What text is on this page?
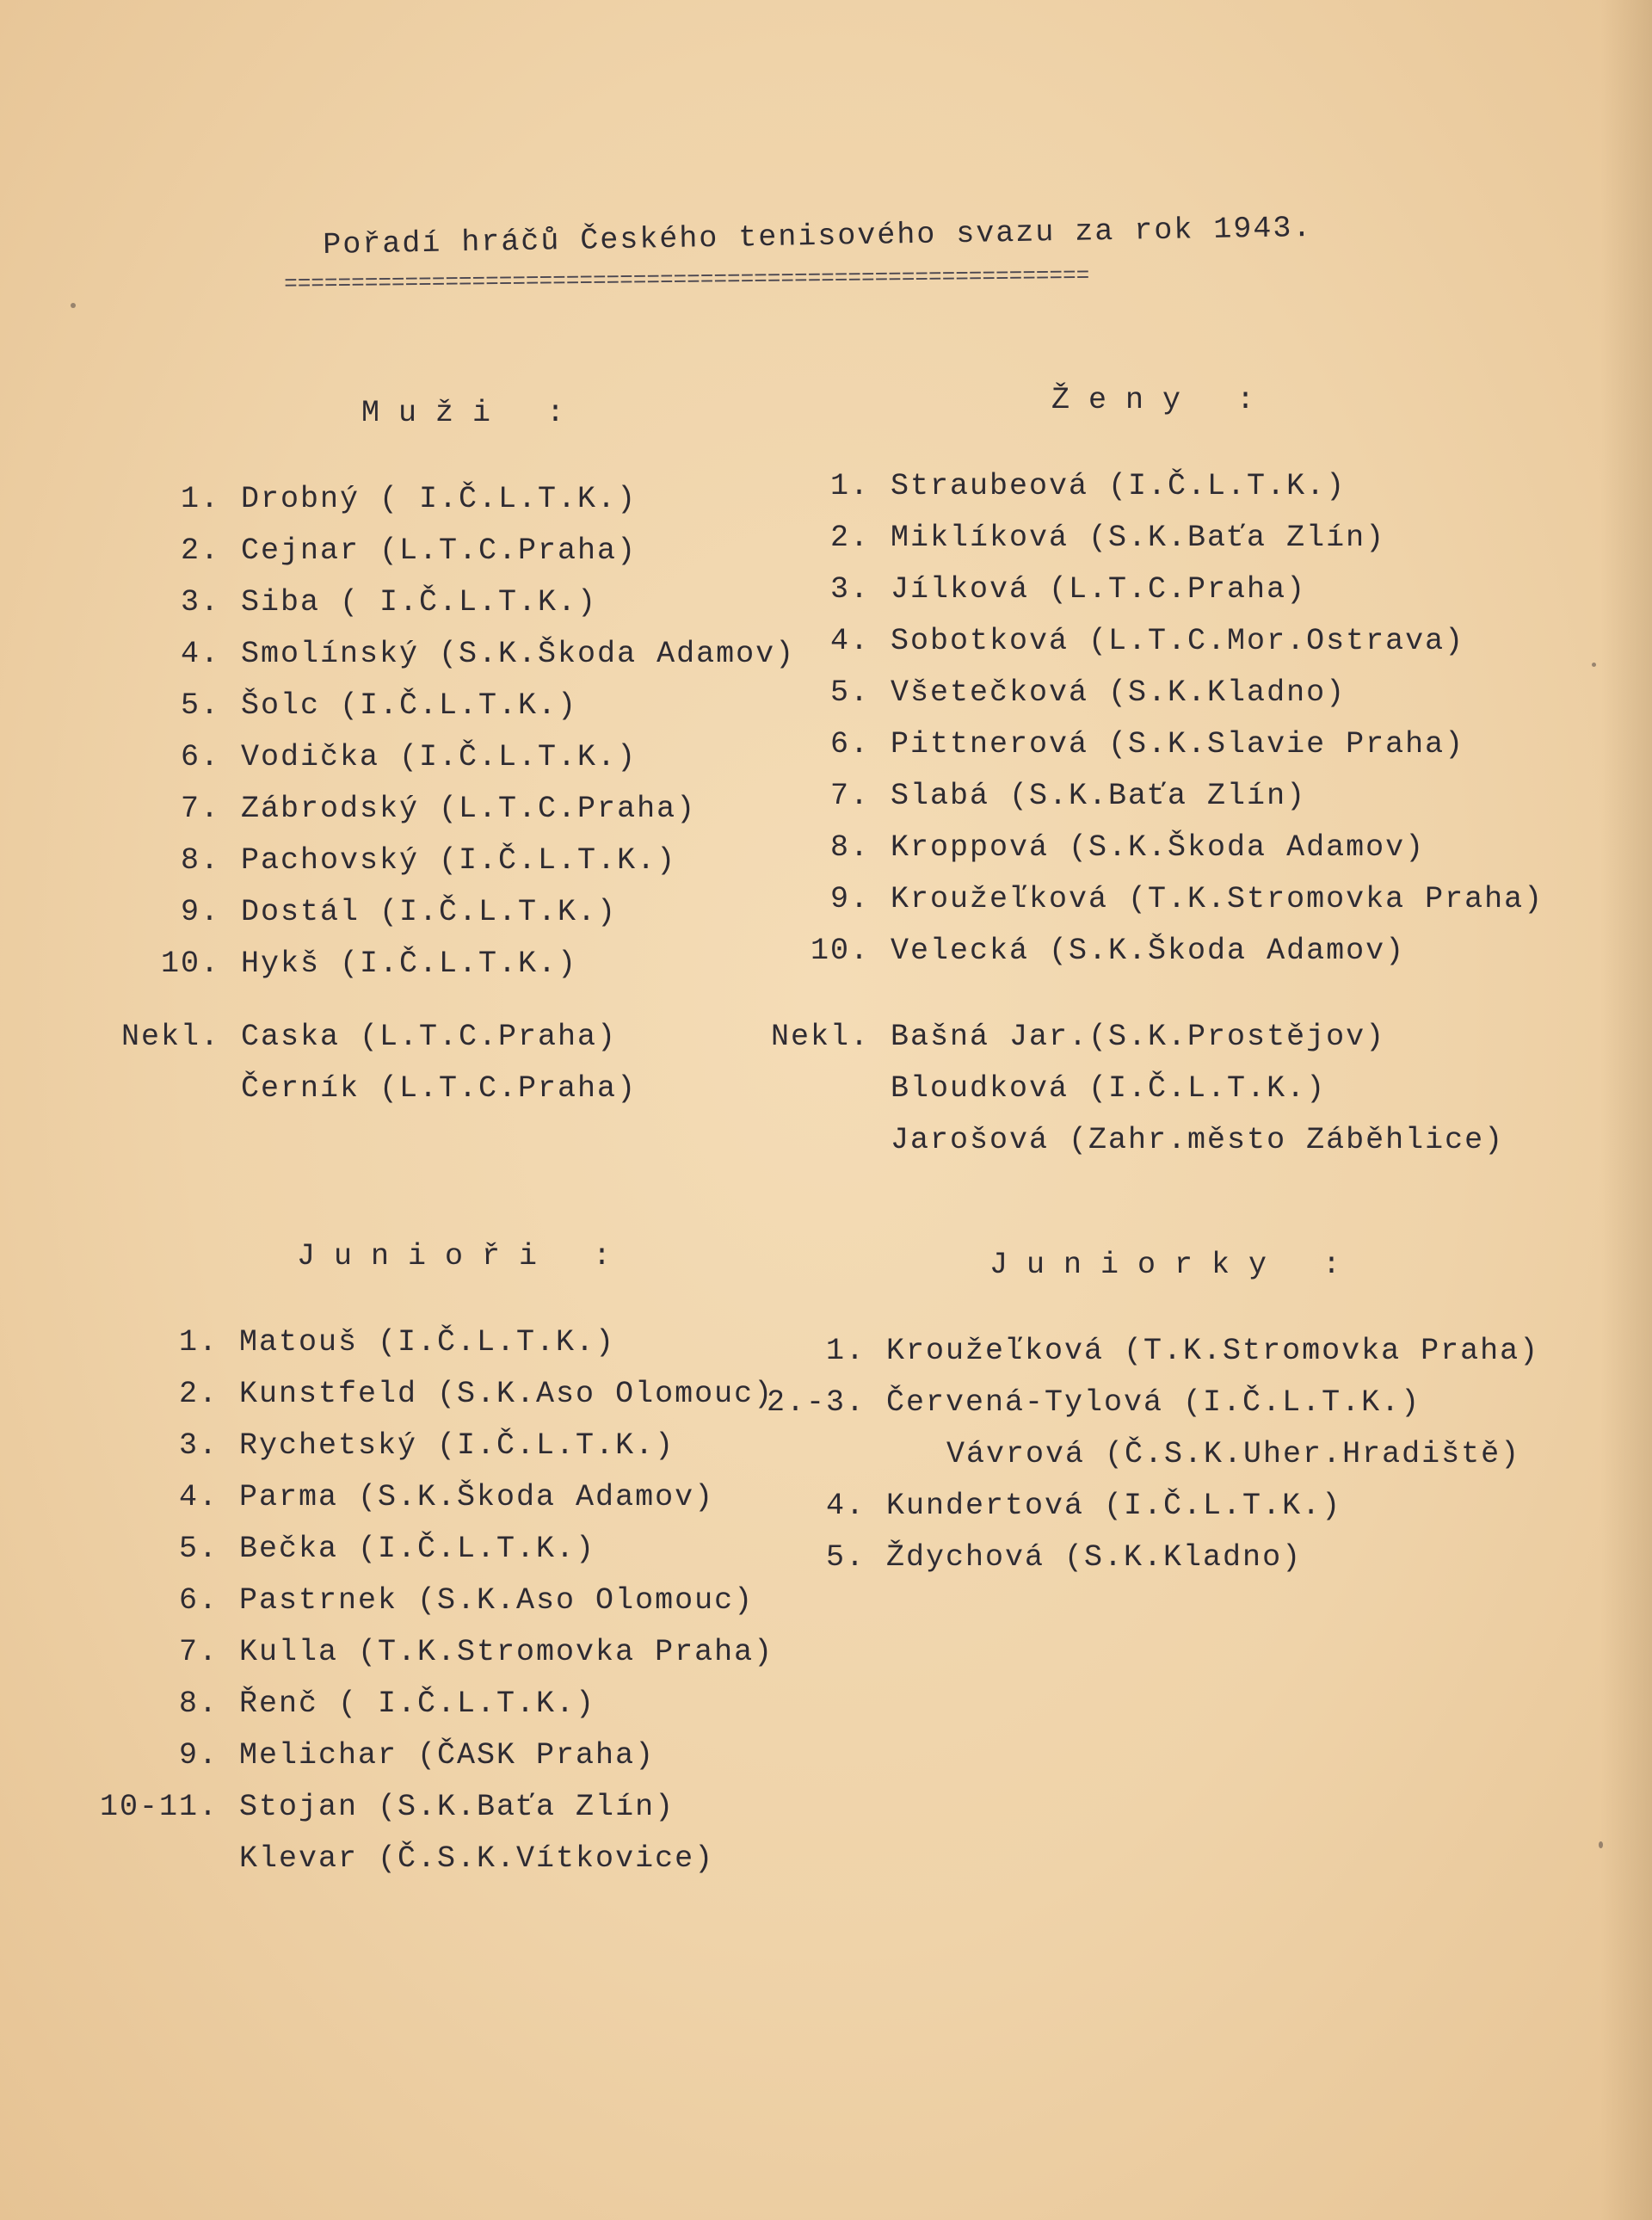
Pořadí hráčů Českého tenisového svazu za rok 1943.
============================================================
Muži :
1. Drobný ( I.Č.L.T.K.)
2. Cejnar (L.T.C.Praha)
3. Siba ( I.Č.L.T.K.)
4. Smolínský (S.K.Škoda Adamov)
5. Šolc (I.Č.L.T.K.)
6. Vodička (I.Č.L.T.K.)
7. Zábrodský (L.T.C.Praha)
8. Pachovský (I.Č.L.T.K.)
9. Dostál (I.Č.L.T.K.)
10. Hykš (I.Č.L.T.K.)
Nekl. Caska (L.T.C.Praha)
Černík (L.T.C.Praha)
Ženy :
1. Straubeová (I.Č.L.T.K.)
2. Miklíková (S.K.Baťa Zlín)
3. Jílková (L.T.C.Praha)
4. Sobotková (L.T.C.Mor.Ostrava)
5. Všetečková (S.K.Kladno)
6. Pittnerová (S.K.Slavie Praha)
7. Slabá (S.K.Baťa Zlín)
8. Kroppová (S.K.Škoda Adamov)
9. Kroužeľková (T.K.Stromovka Praha)
10. Velecká (S.K.Škoda Adamov)
Nekl. Bašná Jar.(S.K.Prostějov)
Bloudková (I.Č.L.T.K.)
Jarošová (Zahr.město Záběhlice)
Junioři :
1. Matouš (I.Č.L.T.K.)
2. Kunstfeld (S.K.Aso Olomouc)
3. Rychetský (I.Č.L.T.K.)
4. Parma (S.K.Škoda Adamov)
5. Bečka (I.Č.L.T.K.)
6. Pastrnek (S.K.Aso Olomouc)
7. Kulla (T.K.Stromovka Praha)
8. Řenč ( I.Č.L.T.K.)
9. Melichar (ČASK Praha)
10-11. Stojan (S.K.Baťa Zlín)
Klevar (Č.S.K.Vítkovice)
Juniorky :
1. Kroužeľková (T.K.Stromovka Praha)
2.-3. Červená-Tylová (I.Č.L.T.K.)
Vávrová (Č.S.K.Uher.Hradiště)
4. Kundertová (I.Č.L.T.K.)
5. Ždychová (S.K.Kladno)
